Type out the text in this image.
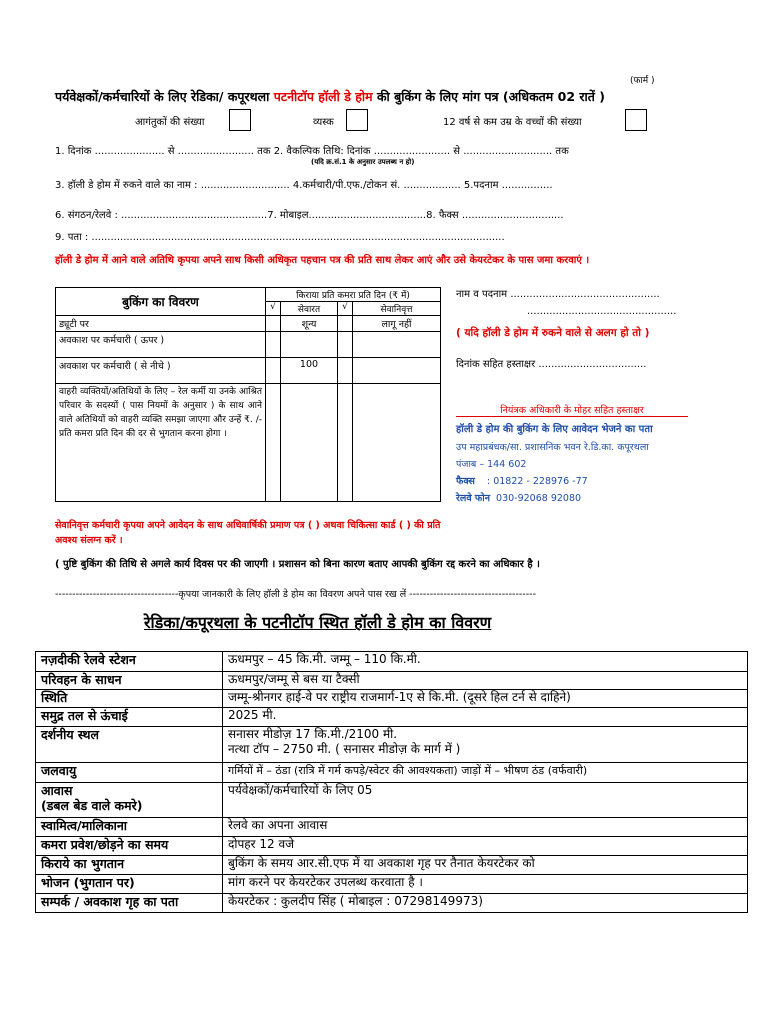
(फार्म )
पर्यवेक्षकों/कर्मचारियों के लिए रेडिका/ कपूरथला पटनीटॉप हॉली डे होम की बुकिंग के लिए मांग पत्र (अधिकतम 02 रातें )
आगंतुकों की संख्या	व्यस्क	12 वर्ष से कम उम्र के वच्चों की संख्या
1. दिनांक ...................... से ........................ तक 2. वैकल्पिक तिथि: दिनांक ........................ से ............................ तक
(यदि क्र.सं.1 के अनुसार उपलब्ध न हो)
3. हॉली डे होम में रुकने वाले का नाम : ............................ 4.कर्मचारी/पी.एफ./टोकन सं. .................. 5.पदनाम ................
6. संगठन/रेलवे : ..............................................7. मोबाइल.....................................8. फैक्स ................................
9. पता : ..................................................................................................................................
हॉली डे होम में आने वाले अतिथि कृपया अपने साथ किसी अधिकृत पहचान पत्र की प्रति साथ लेकर आएं और उसे केयरटेकर के पास जमा करवाएं ।
बुकिंग का विवरण	किराया प्रति कमरा प्रति दिन (₹ में)			
	√	सेवारत	√	सेवानिवृत्त
ड्यूटी पर		शून्य		लागू नहीं
अवकाश पर कर्मचारी ( ऊपर )				
अवकाश पर कर्मचारी ( से नीचे )		100		
वाहरी व्यक्तियों/अतिथियों के लिए – रेल कर्मी या उनके आश्रित परिवार के सदस्यों ( पास नियमों के अनुसार ) के साथ आने वाले अतिथियों को वाहरी व्यक्ति समझा जाएगा और उन्हें ₹. /- प्रति कमरा प्रति दिन की दर से भुगतान करना होगा ।				
नाम व पदनाम ...............................................
...............................................
( यदि हॉली डे होम में रुकने वाले से अलग हो तो )
दिनांक सहित हस्ताक्षर ..................................
नियंत्रक अधिकारी के मोहर सहित हस्ताक्षर
हॉली डे होम की बुकिंग के लिए आवेदन भेजने का पता
उप महाप्रबंधक/सा. प्रशासनिक भवन रे.डि.का. कपूरथला
पंजाब – 144 602
फैक्स : 01822 - 228976 -77
रेलवे फोन 030-92068 92080
सेवानिवृत्त कर्मचारी कृपया अपने आवेदन के साथ अधिवार्षिकी प्रमाण पत्र ( ) अथवा चिकित्सा कार्ड ( ) की प्रति
अवश्य संलग्न करें ।
( पुष्टि बुकिंग की तिथि से अगले कार्य दिवस पर की जाएगी । प्रशासन को बिना कारण बताए आपकी बुकिंग रद्द करने का अधिकार है ।
------------------------------------कृपया जानकारी के लिए हॉली डे होम का विवरण अपने पास रख लें -------------------------------------
रेडिका/कपूरथला के पटनीटॉप स्थित हॉली डे होम का विवरण
नज़दीकी रेलवे स्टेशन	ऊधमपुर – 45 कि.मी. जम्मू – 110 कि.मी.
परिवहन के साधन	ऊधमपुर/जम्मू से बस या टैक्सी
स्थिति	जम्मू-श्रीनगर हाई-वे पर राष्ट्रीय राजमार्ग-1ए से कि.मी. (दूसरे हिल टर्न से दाहिने)
समुद्र तल से ऊंचाई	2025 मी.
दर्शनीय स्थल	सनासर मीडोज़ 17 कि.मी./2100 मी.
नत्था टॉप – 2750 मी. ( सनासर मीडोज़ के मार्ग में )

जलवायु	गर्मियों में – ठंडा (रात्रि में गर्म कपड़े/स्वेटर की आवश्यकता) जाड़ों में – भीषण ठंड (वर्फवारी)

आवास
(डबल बेड वाले कमरे)	पर्यवेक्षकों/कर्मचारियों के लिए 05
स्वामित्व/मालिकाना	रेलवे का अपना आवास
कमरा प्रवेश/छोड़ने का समय	दोपहर 12 वजे
किराये का भुगतान	बुकिंग के समय आर.सी.एफ में या अवकाश गृह पर तैनात केयरटेकर को
भोजन (भुगतान पर)	मांग करने पर केयरटेकर उपलब्ध करवाता है ।
सम्पर्क / अवकाश गृह का पता	केयरटेकर : कुलदीप सिंह ( मोबाइल : 07298149973)
